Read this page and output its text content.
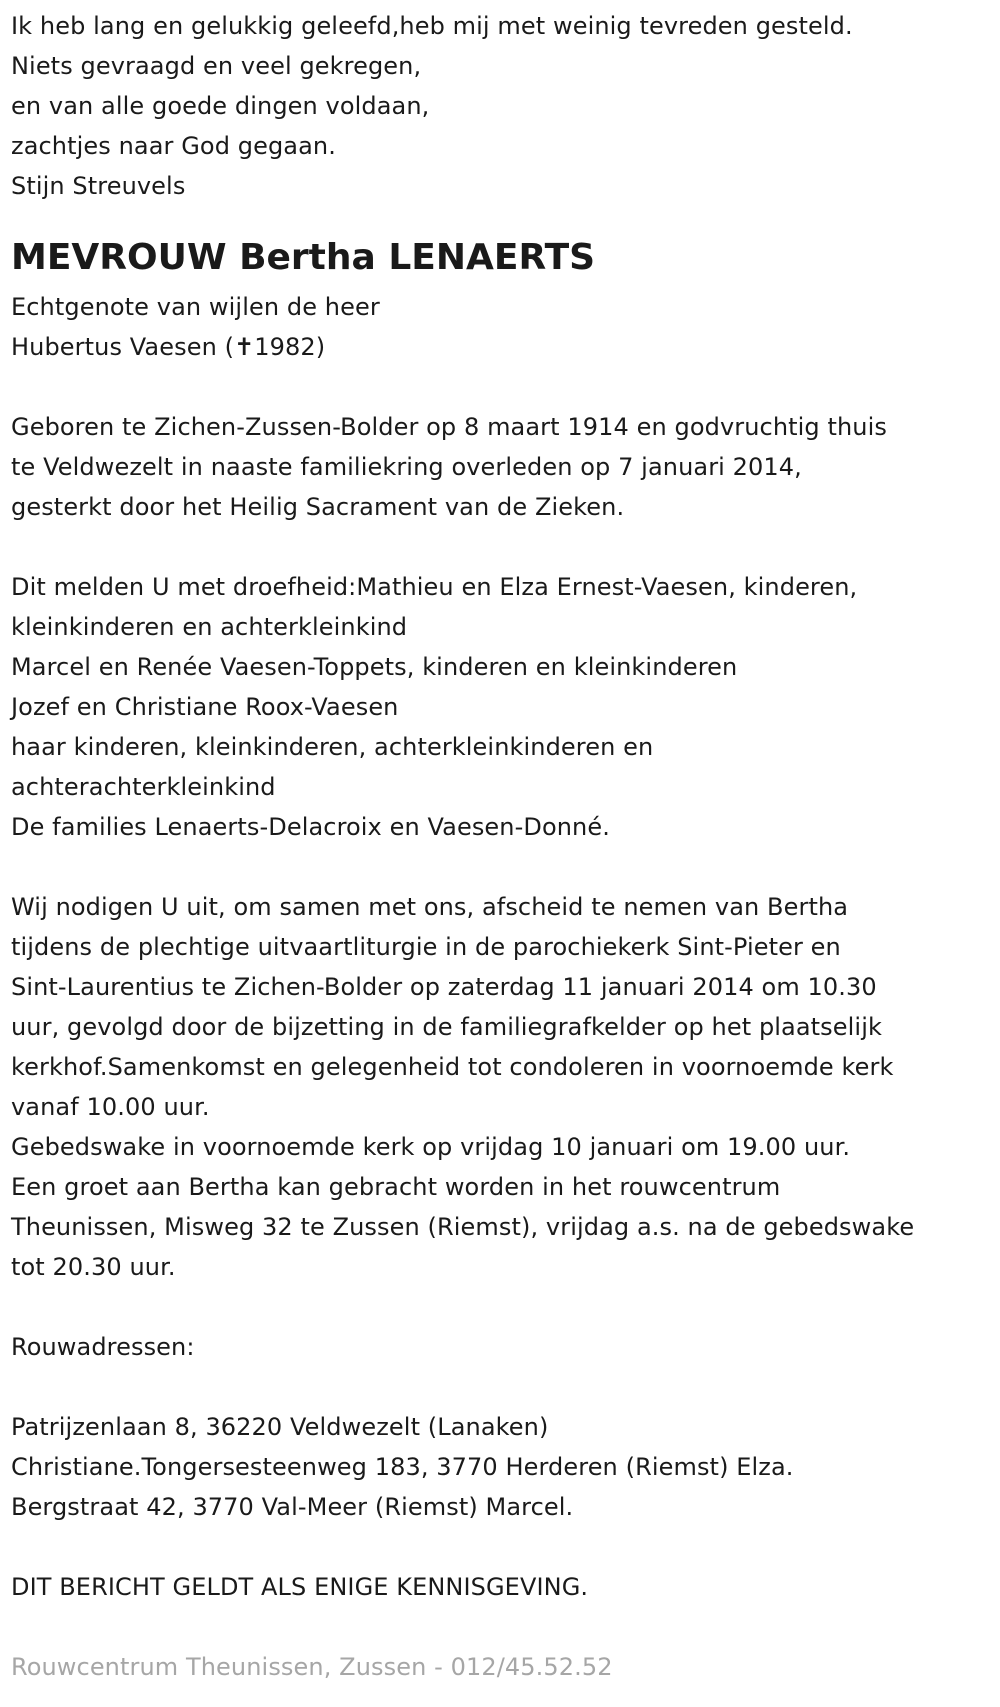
Ik heb lang en gelukkig geleefd,heb mij met weinig tevreden gesteld.
Niets gevraagd en veel gekregen,
en van alle goede dingen voldaan,
zachtjes naar God gegaan.
Stijn Streuvels
MEVROUW Bertha LENAERTS
Echtgenote van wijlen de heer
Hubertus Vaesen (✝1982)
Geboren te Zichen-Zussen-Bolder op 8 maart 1914 en godvruchtig thuis
te Veldwezelt in naaste familiekring overleden op 7 januari 2014,
gesterkt door het Heilig Sacrament van de Zieken.
Dit melden U met droefheid:Mathieu en Elza Ernest-Vaesen, kinderen,
kleinkinderen en achterkleinkind
Marcel en Renée Vaesen-Toppets, kinderen en kleinkinderen
Jozef en Christiane Roox-Vaesen
haar kinderen, kleinkinderen, achterkleinkinderen en
achterachterkleinkind
De families Lenaerts-Delacroix en Vaesen-Donné.
Wij nodigen U uit, om samen met ons, afscheid te nemen van Bertha
tijdens de plechtige uitvaartliturgie in de parochiekerk Sint-Pieter en
Sint-Laurentius te Zichen-Bolder op zaterdag 11 januari 2014 om 10.30
uur, gevolgd door de bijzetting in de familiegrafkelder op het plaatselijk
kerkhof.Samenkomst en gelegenheid tot condoleren in voornoemde kerk
vanaf 10.00 uur.
Gebedswake in voornoemde kerk op vrijdag 10 januari om 19.00 uur.
Een groet aan Bertha kan gebracht worden in het rouwcentrum
Theunissen, Misweg 32 te Zussen (Riemst), vrijdag a.s. na de gebedswake
tot 20.30 uur.
Rouwadressen:
Patrijzenlaan 8, 36220 Veldwezelt (Lanaken)
Christiane.Tongersesteenweg 183, 3770 Herderen (Riemst) Elza.
Bergstraat 42, 3770 Val-Meer (Riemst) Marcel.
DIT BERICHT GELDT ALS ENIGE KENNISGEVING.
Rouwcentrum Theunissen, Zussen - 012/45.52.52
